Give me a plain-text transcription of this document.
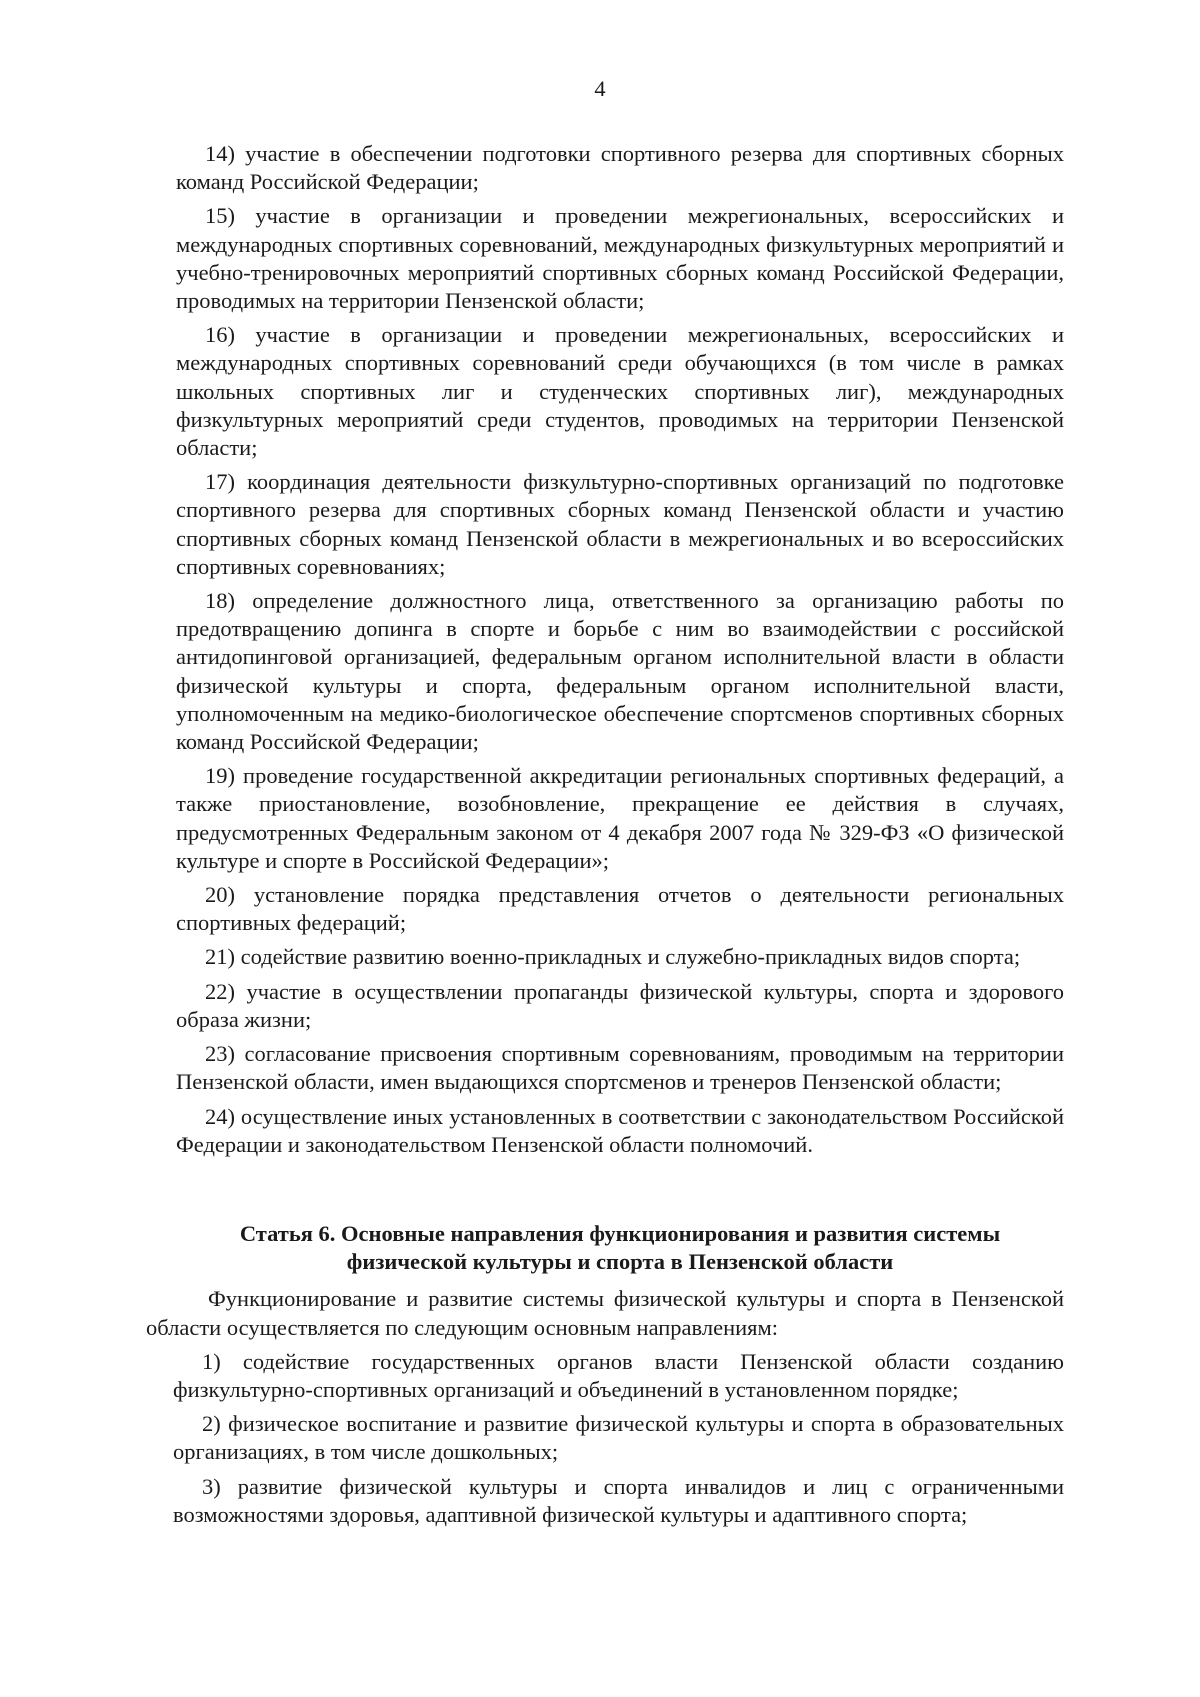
4

14) участие в обеспечении подготовки спортивного резерва для спортивных сборных команд Российской Федерации;

15) участие в организации и проведении межрегиональных, всероссийских и международных спортивных соревнований, международных физкультурных мероприятий и учебно-тренировочных мероприятий спортивных сборных команд Российской Федерации, проводимых на территории Пензенской области;

16) участие в организации и проведении межрегиональных, всероссийских и международных спортивных соревнований среди обучающихся (в том числе в рамках школьных спортивных лиг и студенческих спортивных лиг), международных физкультурных мероприятий среди студентов, проводимых на территории Пензенской области;

17) координация деятельности физкультурно-спортивных организаций по подготовке спортивного резерва для спортивных сборных команд Пензенской области и участию спортивных сборных команд Пензенской области в межрегиональных и во всероссийских спортивных соревнованиях;

18) определение должностного лица, ответственного за организацию работы по предотвращению допинга в спорте и борьбе с ним во взаимодействии с российской антидопинговой организацией, федеральным органом исполнительной власти в области физической культуры и спорта, федеральным органом исполнительной власти, уполномоченным на медико-биологическое обеспечение спортсменов спортивных сборных команд Российской Федерации;

19) проведение государственной аккредитации региональных спортивных федераций, а также приостановление, возобновление, прекращение ее действия в случаях, предусмотренных Федеральным законом от 4 декабря 2007 года № 329-ФЗ «О физической культуре и спорте в Российской Федерации»;

20) установление порядка представления отчетов о деятельности региональных спортивных федераций;

21) содействие развитию военно-прикладных и служебно-прикладных видов спорта;

22) участие в осуществлении пропаганды физической культуры, спорта и здорового образа жизни;

23) согласование присвоения спортивным соревнованиям, проводимым на территории Пензенской области, имен выдающихся спортсменов и тренеров Пензенской области;

24) осуществление иных установленных в соответствии с законодательством Российской Федерации и законодательством Пензенской области полномочий.

Статья 6. Основные направления функционирования и развития системы
физической культуры и спорта в Пензенской области

Функционирование и развитие системы физической культуры и спорта в Пензенской области осуществляется по следующим основным направлениям:

1) содействие государственных органов власти Пензенской области созданию физкультурно-спортивных организаций и объединений в установленном порядке;

2) физическое воспитание и развитие физической культуры и спорта в образовательных организациях, в том числе дошкольных;

3) развитие физической культуры и спорта инвалидов и лиц с ограниченными возможностями здоровья, адаптивной физической культуры и адаптивного спорта;
